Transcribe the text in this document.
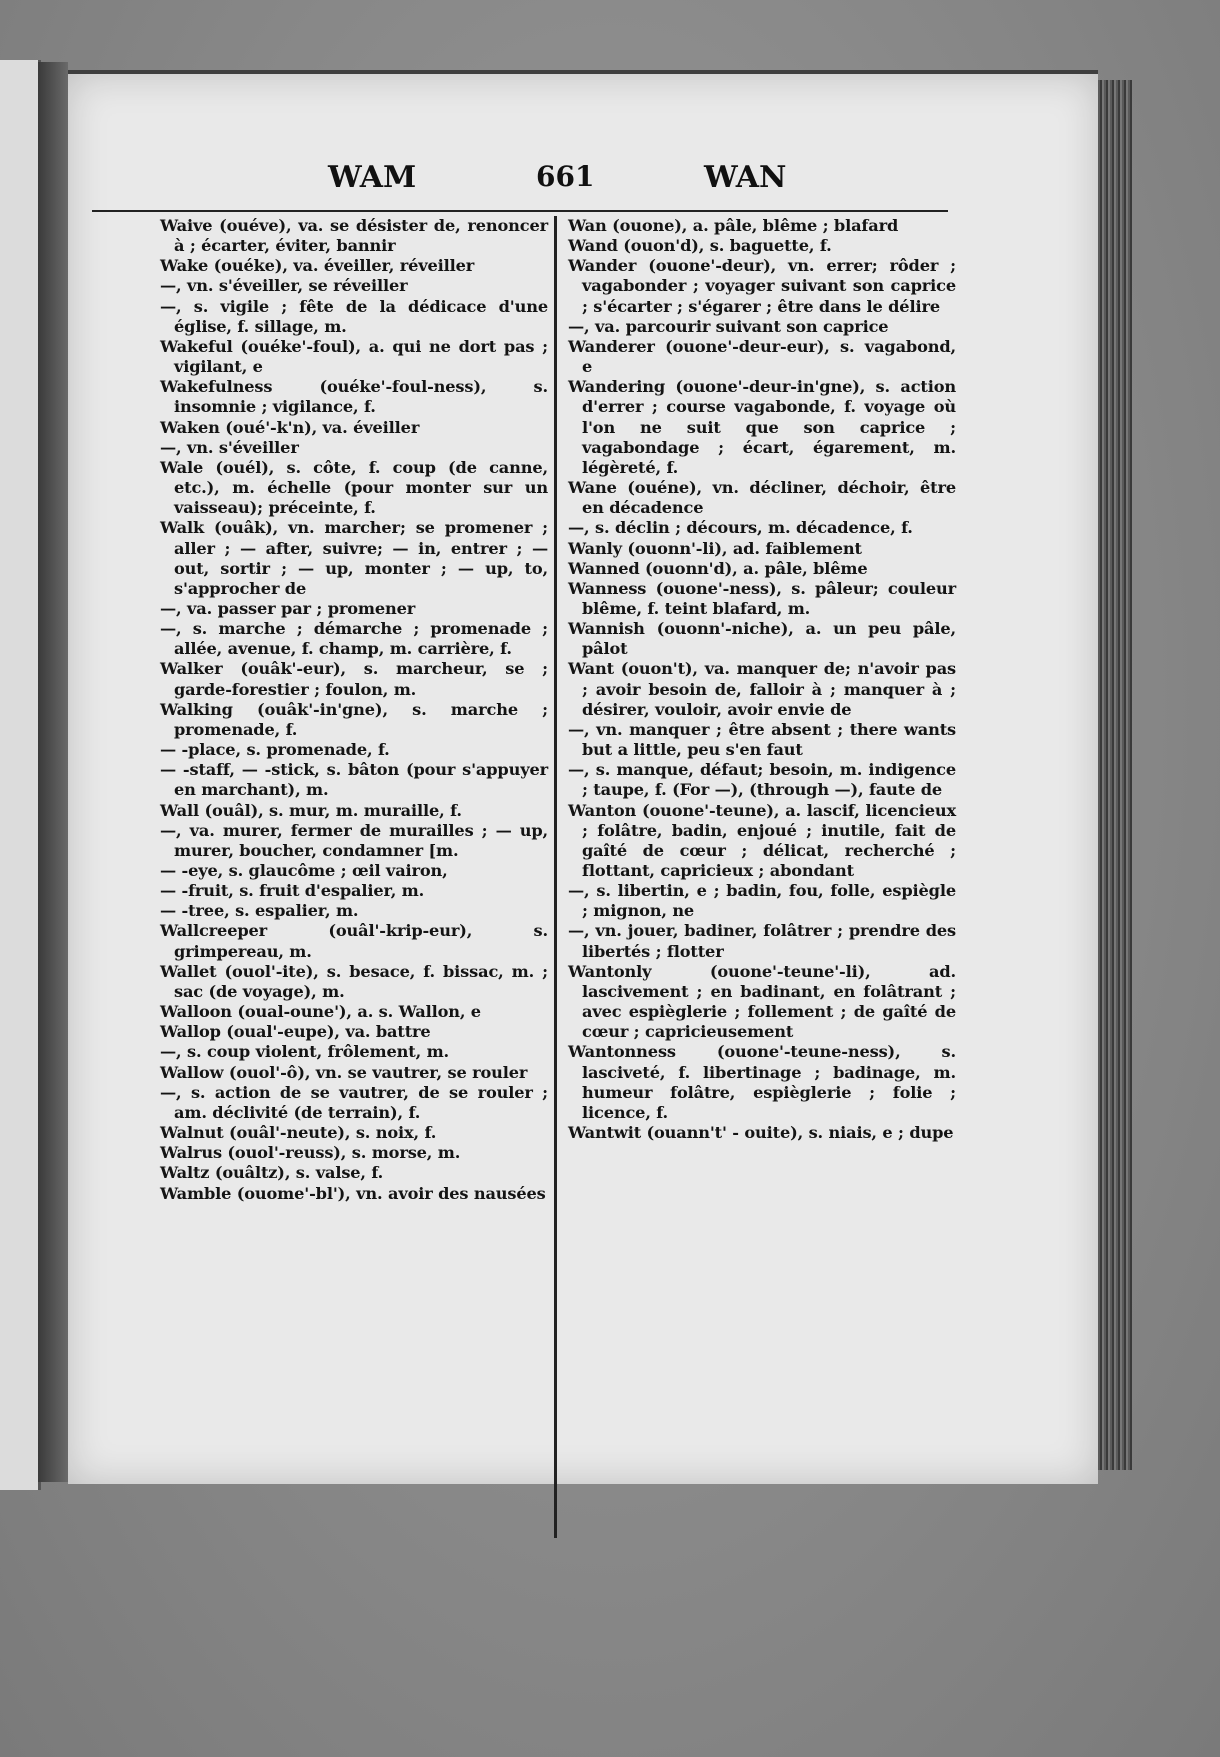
WAM	661	WAN

Waive (ouéve), va. se désister de, renoncer à ; écarter, éviter, bannir

Wake (ouéke), va. éveiller, réveiller

—, vn. s'éveiller, se réveiller

—, s. vigile ; fête de la dédicace d'une église, f. sillage, m.

Wakeful (ouéke'-foul), a. qui ne dort pas ; vigilant, e

Wakefulness (ouéke'-foul-ness), s. insomnie ; vigilance, f.

Waken (oué'-k'n), va. éveiller

—, vn. s'éveiller

Wale (ouél), s. côte, f. coup (de canne, etc.), m. échelle (pour monter sur un vaisseau); préceinte, f.

Walk (ouâk), vn. marcher; se promener ; aller ; — after, suivre; — in, entrer ; — out, sortir ; — up, monter ; — up, to, s'approcher de

—, va. passer par ; promener

—, s. marche ; démarche ; promenade ; allée, avenue, f. champ, m. carrière, f.

Walker (ouâk'-eur), s. marcheur, se ; garde-forestier ; foulon, m.

Walking (ouâk'-in'gne), s. marche ; promenade, f.

— -place, s. promenade, f.

— -staff, — -stick, s. bâton (pour s'appuyer en marchant), m.

Wall (ouâl), s. mur, m. muraille, f.

—, va. murer, fermer de murailles ; — up, murer, boucher, condamner [m.

— -eye, s. glaucôme ; œil vairon,

— -fruit, s. fruit d'espalier, m.

— -tree, s. espalier, m.

Wallcreeper (ouâl'-krip-eur), s. grimpereau, m.

Wallet (ouol'-ite), s. besace, f. bissac, m. ; sac (de voyage), m.

Walloon (oual-oune'), a. s. Wallon, e

Wallop (oual'-eupe), va. battre

—, s. coup violent, frôlement, m.

Wallow (ouol'-ô), vn. se vautrer, se rouler

—, s. action de se vautrer, de se rouler ; am. déclivité (de terrain), f.

Walnut (ouâl'-neute), s. noix, f.

Walrus (ouol'-reuss), s. morse, m.

Waltz (ouâltz), s. valse, f.

Wamble (ouome'-bl'), vn. avoir des nausées

Wan (ouone), a. pâle, blême ; blafard

Wand (ouon'd), s. baguette, f.

Wander (ouone'-deur), vn. errer; rôder ; vagabonder ; voyager suivant son caprice ; s'écarter ; s'égarer ; être dans le délire

—, va. parcourir suivant son caprice

Wanderer (ouone'-deur-eur), s. vagabond, e

Wandering (ouone'-deur-in'gne), s. action d'errer ; course vagabonde, f. voyage où l'on ne suit que son caprice ; vagabondage ; écart, égarement, m. légèreté, f.

Wane (ouéne), vn. décliner, déchoir, être en décadence

—, s. déclin ; décours, m. décadence, f.

Wanly (ouonn'-li), ad. faiblement

Wanned (ouonn'd), a. pâle, blême

Wanness (ouone'-ness), s. pâleur; couleur blême, f. teint blafard, m.

Wannish (ouonn'-niche), a. un peu pâle, pâlot

Want (ouon't), va. manquer de; n'avoir pas ; avoir besoin de, falloir à ; manquer à ; désirer, vouloir, avoir envie de

—, vn. manquer ; être absent ; there wants but a little, peu s'en faut

—, s. manque, défaut; besoin, m. indigence ; taupe, f. (For —), (through —), faute de

Wanton (ouone'-teune), a. lascif, licencieux ; folâtre, badin, enjoué ; inutile, fait de gaîté de cœur ; délicat, recherché ; flottant, capricieux ; abondant

—, s. libertin, e ; badin, fou, folle, espiègle ; mignon, ne

—, vn. jouer, badiner, folâtrer ; prendre des libertés ; flotter

Wantonly (ouone'-teune'-li), ad. lascivement ; en badinant, en folâtrant ; avec espièglerie ; follement ; de gaîté de cœur ; capricieusement

Wantonness (ouone'-teune-ness), s. lasciveté, f. libertinage ; badinage, m. humeur folâtre, espièglerie ; folie ; licence, f.

Wantwit (ouann't' - ouite), s. niais, e ; dupe
